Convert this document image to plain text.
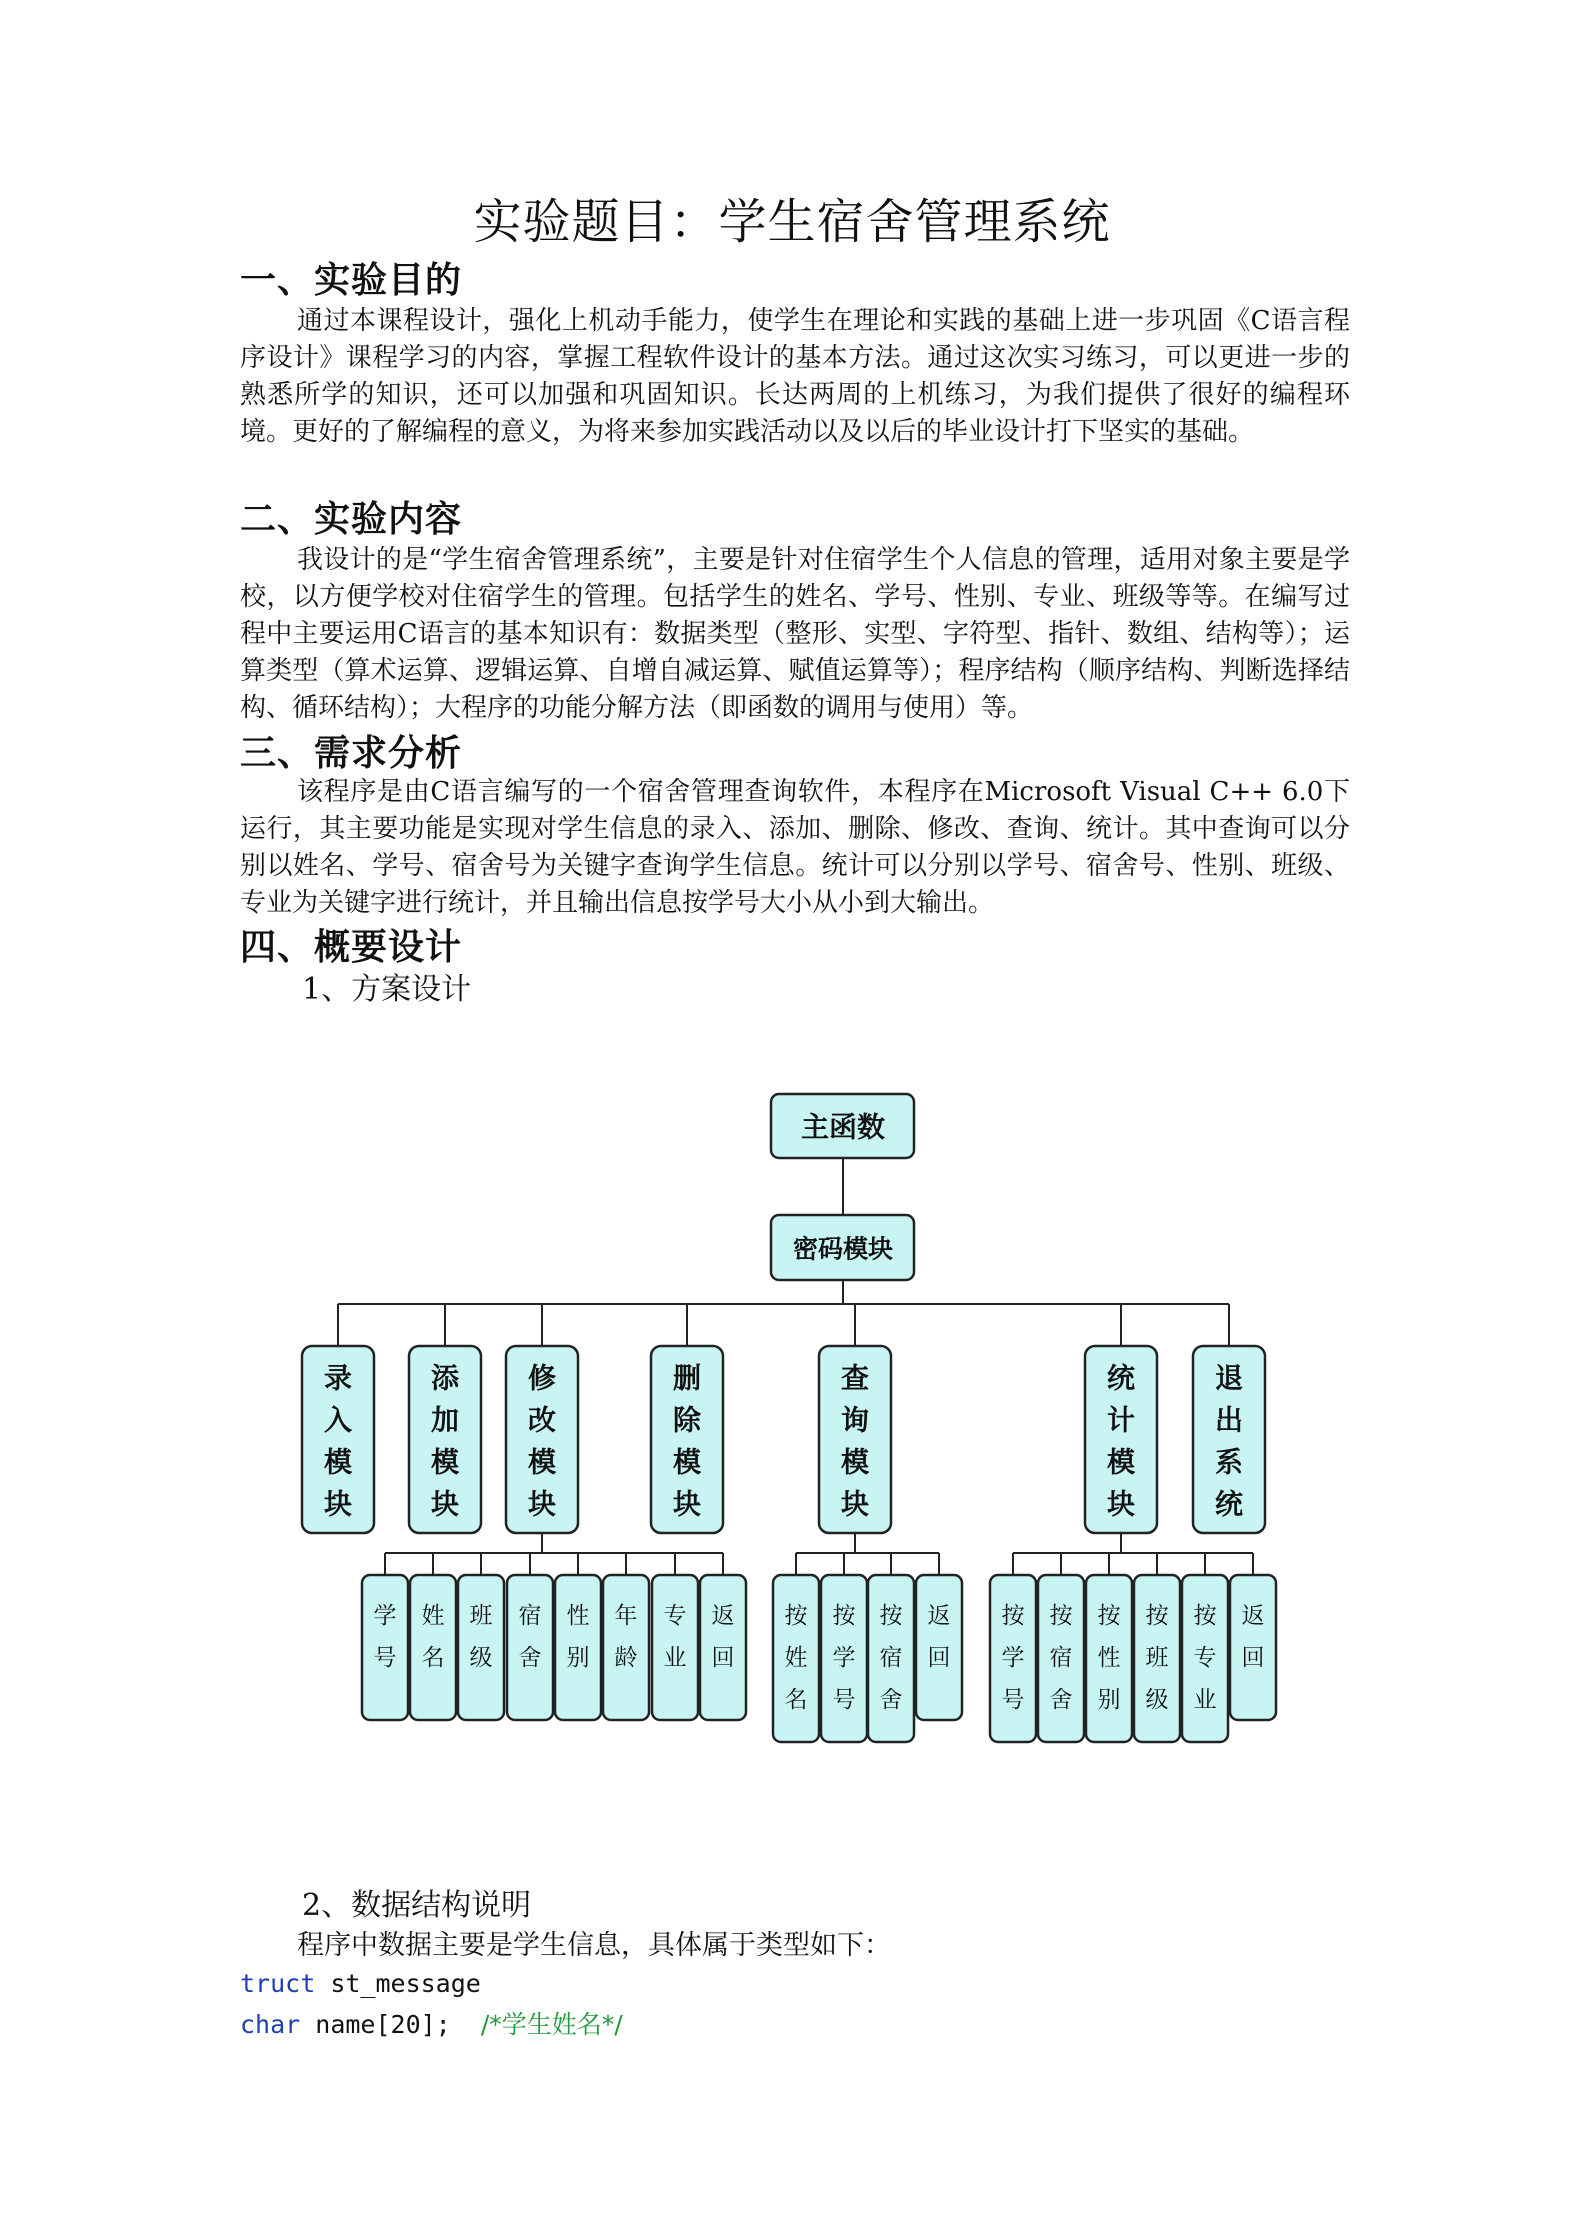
实验题目：学生宿舍管理系统
一、实验目的

通过本课程设计，强化上机动手能力，使学生在理论和实践的基础上进一步巩固《C语言程序设计》课程学习的内容，掌握工程软件设计的基本方法。通过这次实习练习，可以更进一步的熟悉所学的知识，还可以加强和巩固知识。长达两周的上机练习，为我们提供了很好的编程环境。更好的了解编程的意义，为将来参加实践活动以及以后的毕业设计打下坚实的基础。

二、实验内容

我设计的是“学生宿舍管理系统”，主要是针对住宿学生个人信息的管理，适用对象主要是学校，以方便学校对住宿学生的管理。包括学生的姓名、学号、性别、专业、班级等等。在编写过程中主要运用C语言的基本知识有：数据类型（整形、实型、字符型、指针、数组、结构等）；运算类型（算术运算、逻辑运算、自增自减运算、赋值运算等）；程序结构（顺序结构、判断选择结构、循环结构）；大程序的功能分解方法（即函数的调用与使用）等。

三、需求分析

该程序是由C语言编写的一个宿舍管理查询软件，本程序在Microsoft Visual C++ 6.0下运行，其主要功能是实现对学生信息的录入、添加、删除、修改、查询、统计。其中查询可以分别以姓名、学号、宿舍号为关键字查询学生信息。统计可以分别以学号、宿舍号、性别、班级、专业为关键字进行统计，并且输出信息按学号大小从小到大输出。

四、概要设计

1、方案设计

主函数
密码模块
录
入
模
块
添
加
模
块
修
改
模
块
删
除
模
块
查
询
模
块
统
计
模
块
退
出
系
统
学
号
姓
名
班
级
宿
舍
性
别
年
龄
专
业
返
回
按
姓
名
按
学
号
按
宿
舍
返
回
按
学
号
按
宿
舍
按
性
别
按
班
级
按
专
业
返
回

2、数据结构说明

程序中数据主要是学生信息，具体属于类型如下：

truct st_message
char name[20];  /*学生姓名*/
